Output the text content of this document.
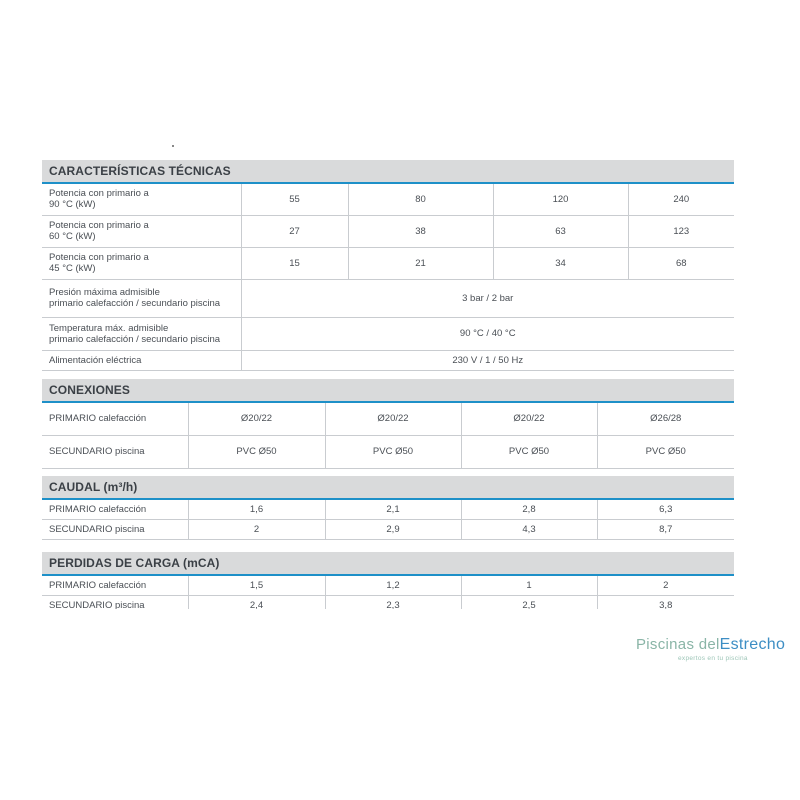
CARACTERÍSTICAS TÉCNICAS
Potencia con primario a
90 °C (kW)	55	80	120	240
Potencia con primario a
60 °C (kW)	27	38	63	123
Potencia con primario a
45 °C (kW)	15	21	34	68
Presión máxima admisible
primario calefacción / secundario piscina	3 bar / 2 bar			
Temperatura máx. admisible
primario calefacción / secundario piscina	90 °C / 40 °C			
Alimentación eléctrica	230 V / 1 / 50 Hz			
CONEXIONES
PRIMARIO calefacción	Ø20/22	Ø20/22	Ø20/22	Ø26/28
SECUNDARIO piscina	PVC Ø50	PVC Ø50	PVC Ø50	PVC Ø50
CAUDAL (m³/h)
PRIMARIO calefacción	1,6	2,1	2,8	6,3
SECUNDARIO piscina	2	2,9	4,3	8,7
PERDIDAS DE CARGA (mCA)
PRIMARIO calefacción	1,5	1,2	1	2
SECUNDARIO piscina	2,4	2,3	2,5	3,8
Piscinas delEstrecho
expertos en tu piscina
